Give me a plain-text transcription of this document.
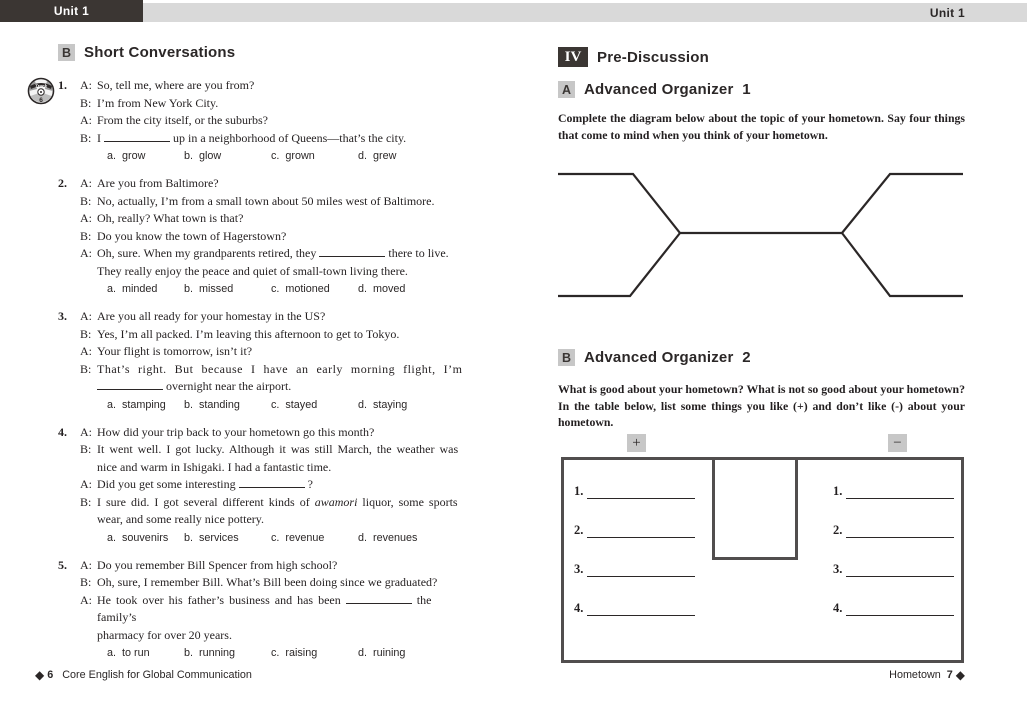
Unit 1	Unit 1
B Short Conversations
Track
6
1.	A: So, tell me, where are you from?
B: I’m from New York City.
A: From the city itself, or the suburbs?
B: I	up in a neighborhood of Queens—that’s the city.
a.  grow	b.  glow	c.  grown	d.  grew
2.	A: Are you from Baltimore?
B: No, actually, I’m from a small town about 50 miles west of Baltimore.
A: Oh, really? What town is that?
B: Do you know the town of Hagerstown?
A: Oh, sure. When my grandparents retired, they	there to live.
They really enjoy the peace and quiet of small-town living there.
a.  minded b.  missed	c.  motioned	d.  moved
3.	A: Are you all ready for your homestay in the US?
B: Yes, I’m all packed. I’m leaving this afternoon to get to Tokyo.
A: Your flight is tomorrow, isn’t it?
B: That’s right. But because I have an early morning flight, I’m
overnight near the airport.
a.  stamping b.  standing	c.  stayed	d.  staying
4.	A: How did your trip back to your hometown go this month?
B: It went well. I got lucky. Although it was still March, the weather was
nice and warm in Ishigaki. I had a fantastic time.
A: Did you get some interesting	?
B: I sure did. I got several different kinds of awamori liquor, some sports
wear, and some really nice pottery.
a.  souvenirs b.  services	c.  revenue	d.  revenues
5.	A: Do you remember Bill Spencer from high school?
B: Oh, sure, I remember Bill. What’s Bill been doing since we graduated?
A: He took over his father’s business and has been	the family’s
pharmacy for over 20 years.
a.  to run	b.  running	c.  raising	d.  ruining
◆
6
Core English for Global Communication
IV	Pre-Discussion
A Advanced Organizer  1
Complete the diagram below about the topic of your hometown. Say four things that come to mind when you think of your hometown.
B Advanced Organizer  2
What is good about your hometown? What is not so good about your hometown? In the table below, list some things you like (+) and don’t like (-) about your hometown.
+	−
1.
2.
3.
4.
1.
2.
3.
4.
Hometown
7
◆
